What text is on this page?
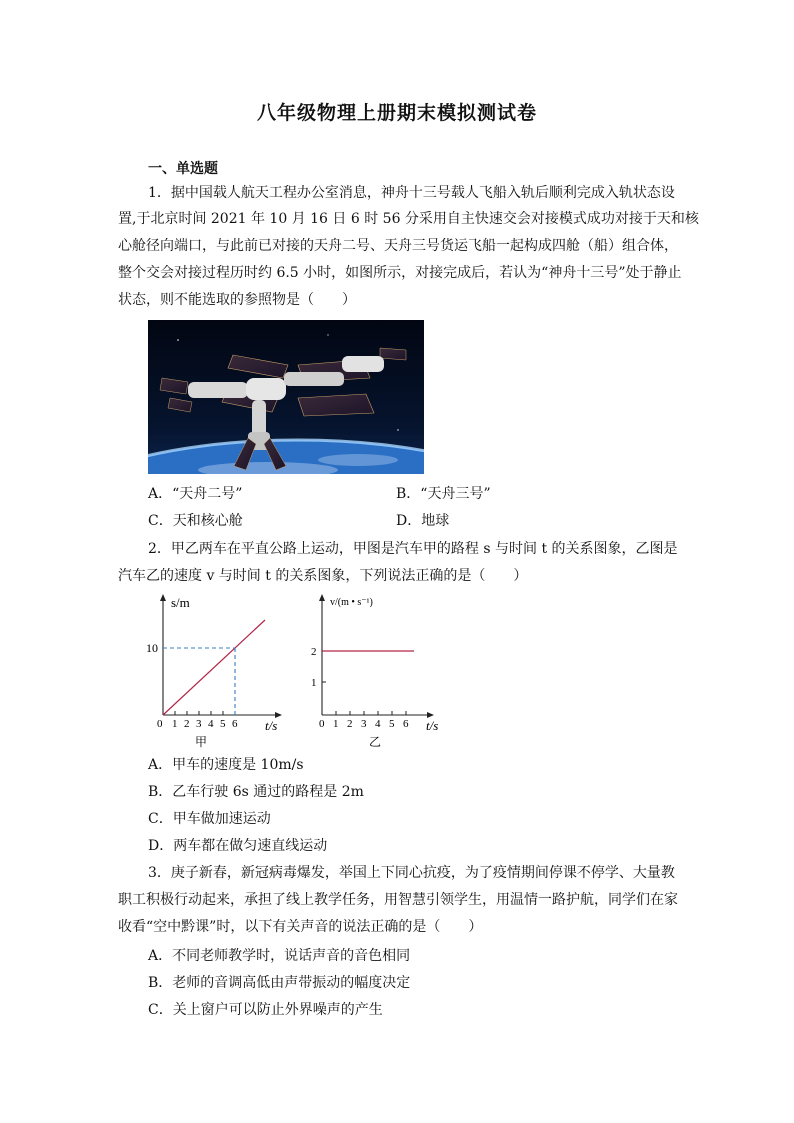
八年级物理上册期末模拟测试卷
一、单选题
1．据中国载人航天工程办公室消息，神舟十三号载人飞船入轨后顺利完成入轨状态设
置,于北京时间 2021 年 10 月 16 日 6 时 56 分采用自主快速交会对接模式成功对接于天和核
心舱径向端口，与此前已对接的天舟二号、天舟三号货运飞船一起构成四舱（船）组合体，
整个交会对接过程历时约 6.5 小时，如图所示，对接完成后，若认为“神舟十三号”处于静止
状态，则不能选取的参照物是（　　）
A．“天舟二号”	B．“天舟三号”
C．天和核心舱	D．地球
2．甲乙两车在平直公路上运动，甲图是汽车甲的路程 s 与时间 t 的关系图象，乙图是
汽车乙的速度 v 与时间 t 的关系图象，下列说法正确的是（　　）
s/m
10
0 1 2 3 4 5 6 t/s
甲
v/(m • s⁻¹)
1
2
0 1 2 3 4 5 6 t/s
乙
A．甲车的速度是 10m/s
B．乙车行驶 6s 通过的路程是 2m
C．甲车做加速运动
D．两车都在做匀速直线运动
3．庚子新春，新冠病毒爆发，举国上下同心抗疫，为了疫情期间停课不停学、大量教
职工积极行动起来，承担了线上教学任务，用智慧引领学生，用温情一路护航，同学们在家
收看“空中黔课”时，以下有关声音的说法正确的是（　　）
A．不同老师教学时，说话声音的音色相同
B．老师的音调高低由声带振动的幅度决定
C．关上窗户可以防止外界噪声的产生
